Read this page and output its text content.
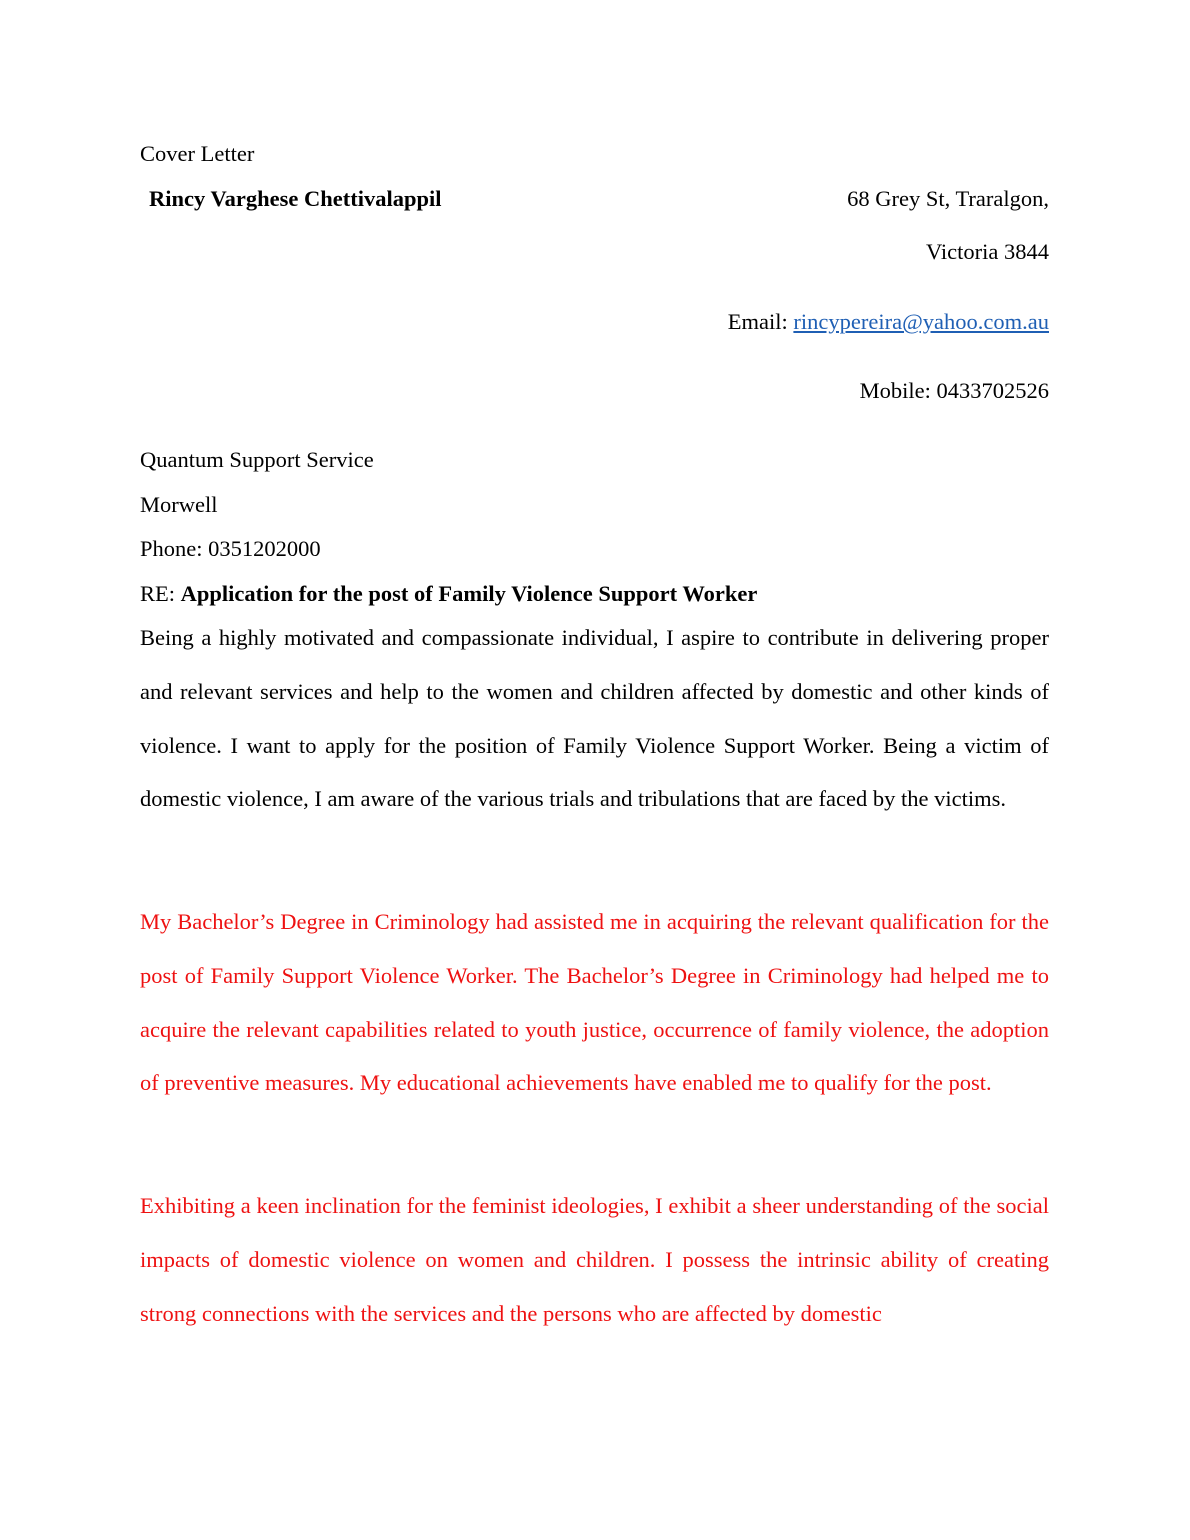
Cover Letter
Rincy Varghese Chettivalappil	68 Grey St, Traralgon,
Victoria 3844
Email: rincypereira@yahoo.com.au
Mobile: 0433702526
Quantum Support Service
Morwell
Phone: 0351202000
RE: Application for the post of Family Violence Support Worker

Being a highly motivated and compassionate individual, I aspire to contribute in delivering proper and relevant services and help to the women and children affected by domestic and other kinds of violence. I want to apply for the position of Family Violence Support Worker. Being a victim of domestic violence, I am aware of the various trials and tribulations that are faced by the victims.

My Bachelor’s Degree in Criminology had assisted me in acquiring the relevant qualification for the post of Family Support Violence Worker. The Bachelor’s Degree in Criminology had helped me to acquire the relevant capabilities related to youth justice, occurrence of family violence, the adoption of preventive measures. My educational achievements have enabled me to qualify for the post.

Exhibiting a keen inclination for the feminist ideologies, I exhibit a sheer understanding of the social impacts of domestic violence on women and children. I possess the intrinsic ability of creating strong connections with the services and the persons who are affected by domestic
